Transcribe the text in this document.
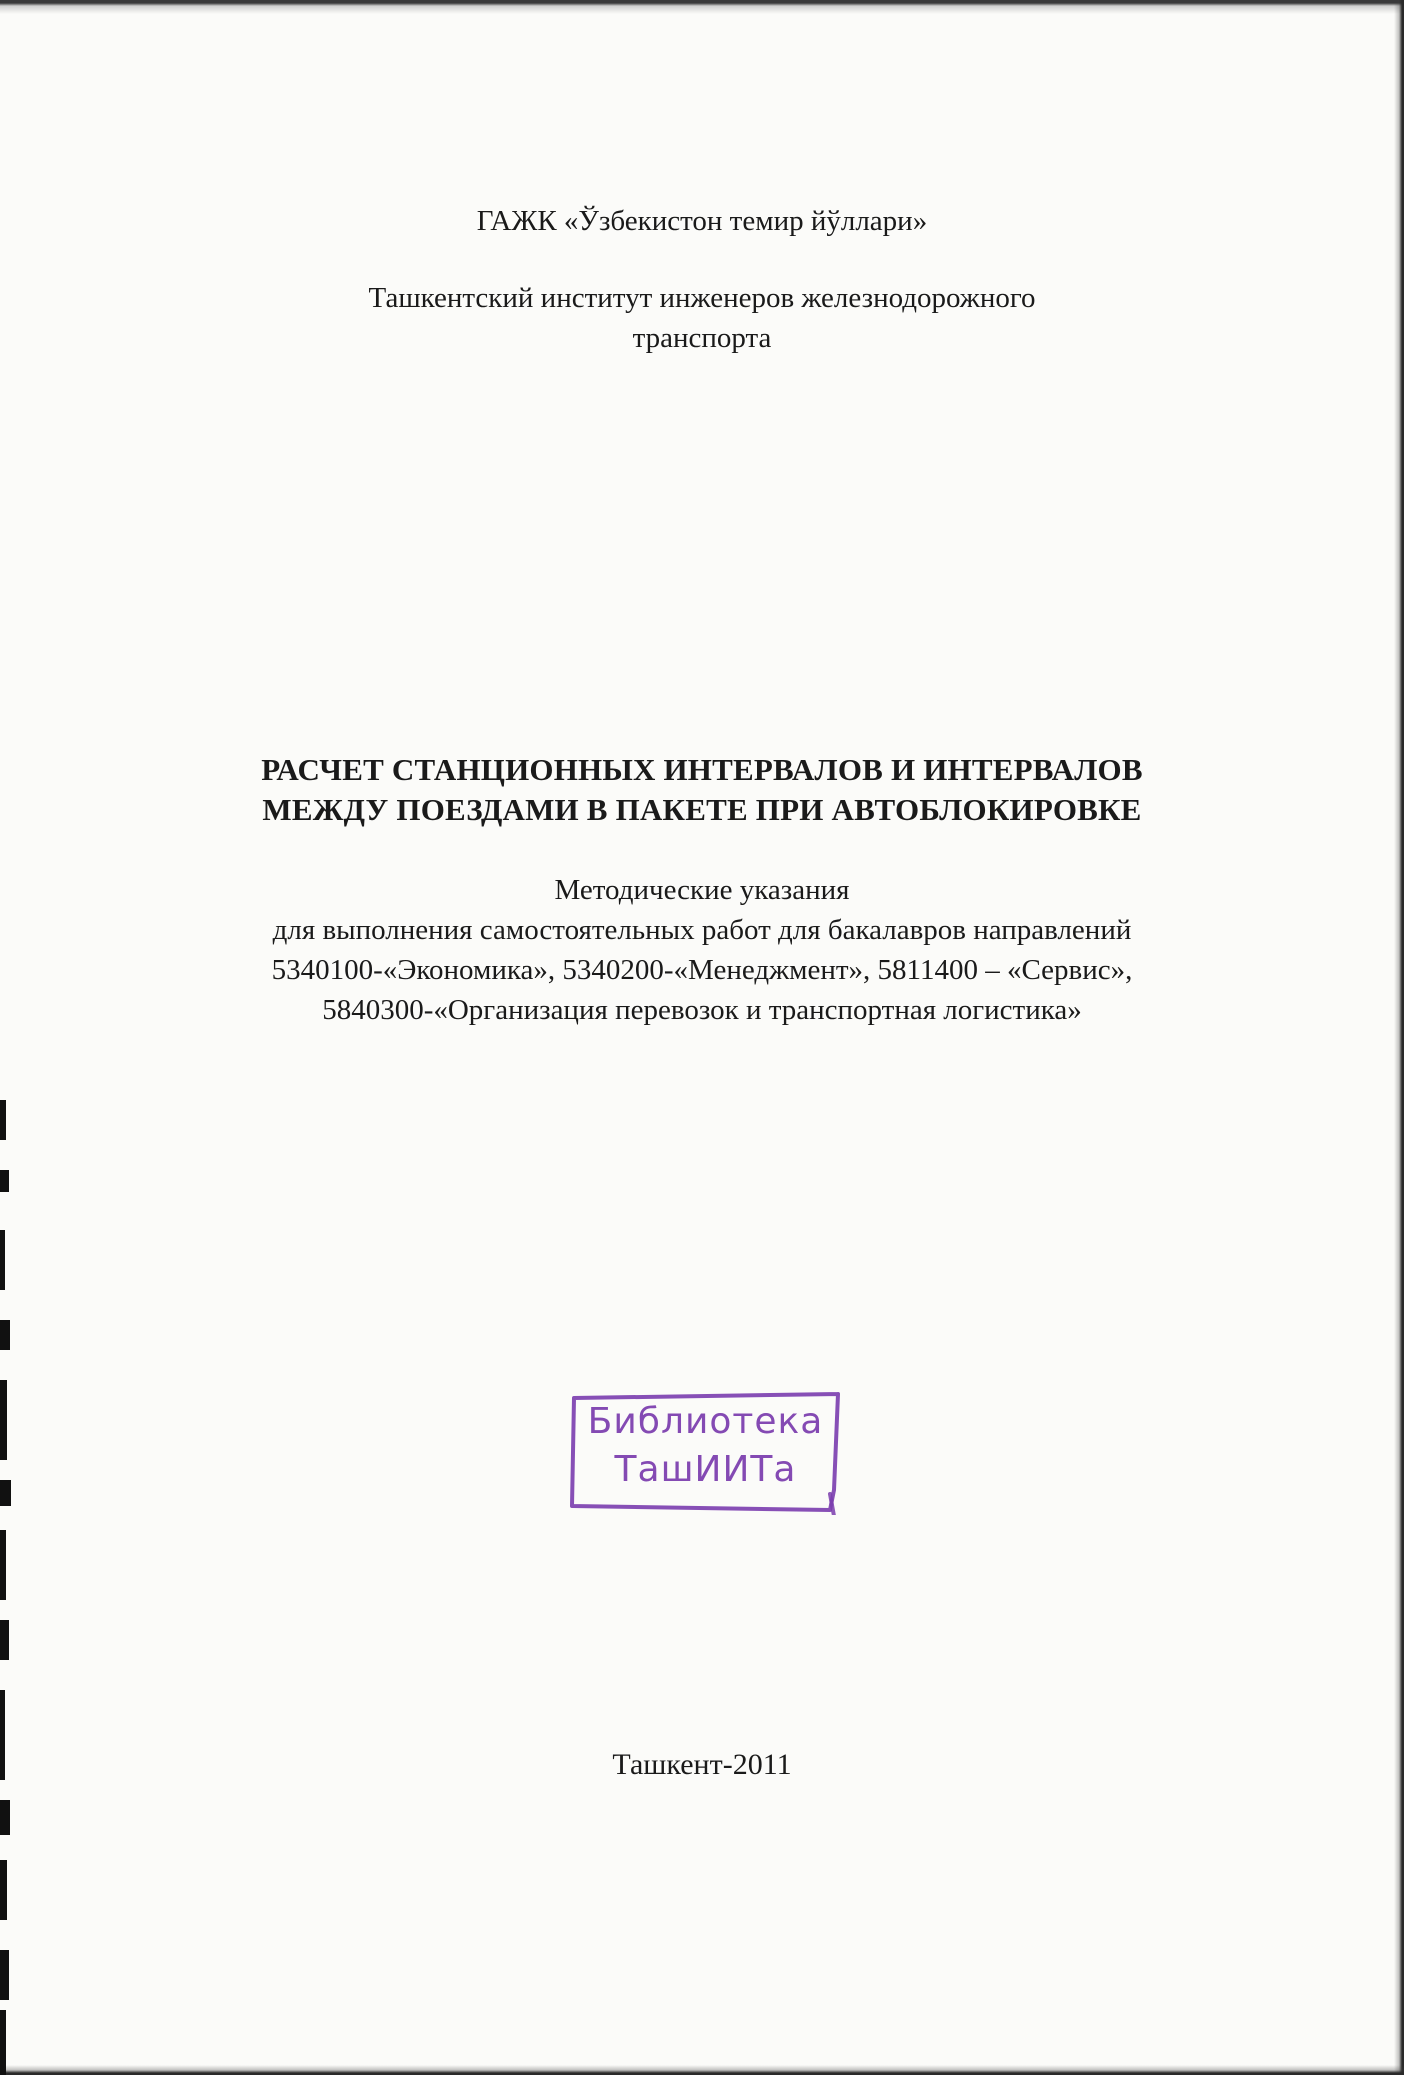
ГАЖК «Ўзбекистон темир йўллари»

Ташкентский институт инженеров железнодорожного

транспорта

РАСЧЕТ СТАНЦИОННЫХ ИНТЕРВАЛОВ И ИНТЕРВАЛОВ
МЕЖДУ ПОЕЗДАМИ В ПАКЕТЕ ПРИ АВТОБЛОКИРОВКЕ

Методические указания

для выполнения самостоятельных работ для бакалавров направлений

5340100-«Экономика», 5340200-«Менеджмент», 5811400 – «Сервис»,

5840300-«Организация перевозок и транспортная логистика»

Библиотека
ТашИИТа

Ташкент-2011
